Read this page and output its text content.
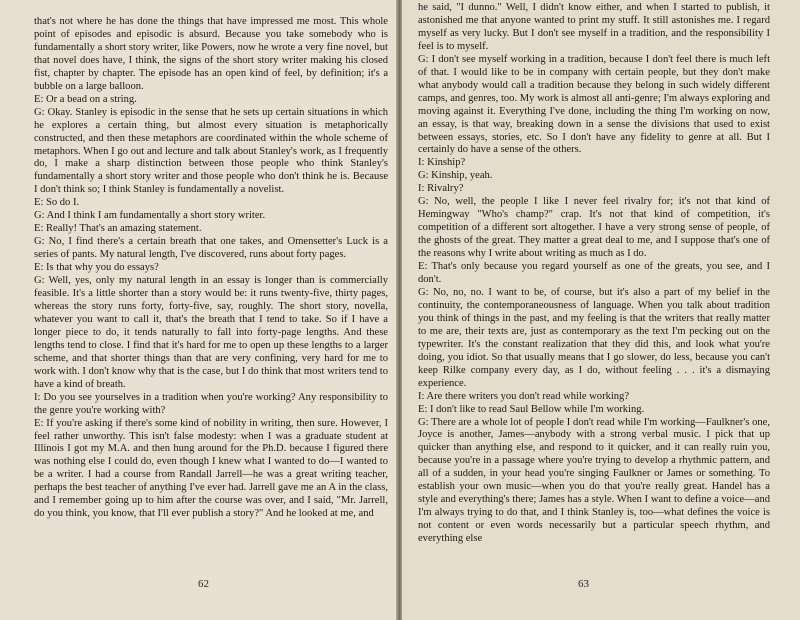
that's not where he has done the things that have impressed me most. This whole point of episodes and episodic is absurd. Because you take somebody who is fundamentally a short story writer, like Powers, now he wrote a very fine novel, but that novel does have, I think, the signs of the short story writer making his closed fist, chapter by chapter. The episode has an open kind of feel, by definition; it's a bubble on a large balloon.

E: Or a bead on a string.

G: Okay. Stanley is episodic in the sense that he sets up certain situations in which he explores a certain thing, but almost every situation is metaphorically constructed, and then these metaphors are coordinated within the whole scheme of metaphors. When I go out and lecture and talk about Stanley's work, as I frequently do, I make a sharp distinction between those people who think Stanley's fundamentally a short story writer and those people who don't think he is. Because I don't think so; I think Stanley is fundamentally a novelist.

E: So do I.

G: And I think I am fundamentally a short story writer.

E: Really! That's an amazing statement.

G: No, I find there's a certain breath that one takes, and Omensetter's Luck is a series of pants. My natural length, I've discovered, runs about forty pages.

E: Is that why you do essays?

G: Well, yes, only my natural length in an essay is longer than is commercially feasible. It's a little shorter than a story would be: it runs twenty-five, thirty pages, whereas the story runs forty, forty-five, say, roughly. The short story, novella, whatever you want to call it, that's the breath that I tend to take. So if I have a longer piece to do, it tends naturally to fall into forty-page lengths. And these lengths tend to close. I find that it's hard for me to open up these lengths to a larger scheme, and that shorter things than that are very confining, very hard for me to work with. I don't know why that is the case, but I do think that most writers tend to have a kind of breath.

I: Do you see yourselves in a tradition when you're working? Any responsibility to the genre you're working with?

E: If you're asking if there's some kind of nobility in writing, then sure. However, I feel rather unworthy. This isn't false modesty: when I was a graduate student at Illinois I got my M.A. and then hung around for the Ph.D. because I figured there was nothing else I could do, even though I knew what I wanted to do—I wanted to be a writer. I had a course from Randall Jarrell—he was a great writing teacher, perhaps the best teacher of anything I've ever had. Jarrell gave me an A in the class, and I remember going up to him after the course was over, and I said, "Mr. Jarrell, do you think, you know, that I'll ever publish a story?" And he looked at me, and

62

he said, "I dunno." Well, I didn't know either, and when I started to publish, it astonished me that anyone wanted to print my stuff. It still astonishes me. I regard myself as very lucky. But I don't see myself in a tradition, and the responsibility I feel is to myself.

G: I don't see myself working in a tradition, because I don't feel there is much left of that. I would like to be in company with certain people, but they don't make what anybody would call a tradition because they belong in such widely different camps, and genres, too. My work is almost all anti-genre; I'm always exploring and moving against it. Everything I've done, including the thing I'm working on now, an essay, is that way, breaking down in a sense the divisions that used to exist between essays, stories, etc. So I don't have any fidelity to genre at all. But I certainly do have a sense of the others.

I: Kinship?

G: Kinship, yeah.

I: Rivalry?

G: No, well, the people I like I never feel rivalry for; it's not that kind of Hemingway "Who's champ?" crap. It's not that kind of competition, it's competition of a different sort altogether. I have a very strong sense of people, of the ghosts of the great. They matter a great deal to me, and I suppose that's one of the reasons why I write about writing as much as I do.

E: That's only because you regard yourself as one of the greats, you see, and I don't.

G: No, no, no. I want to be, of course, but it's also a part of my belief in the continuity, the contemporaneousness of language. When you talk about tradition you think of things in the past, and my feeling is that the writers that really matter to me are, their texts are, just as contemporary as the text I'm pecking out on the typewriter. It's the constant realization that they did this, and look what you're doing, you idiot. So that usually means that I go slower, do less, because you can't keep Rilke company every day, as I do, without feeling . . . it's a dismaying experience.

I: Are there writers you don't read while working?

E: I don't like to read Saul Bellow while I'm working.

G: There are a whole lot of people I don't read while I'm working—Faulkner's one, Joyce is another, James—anybody with a strong verbal music. I pick that up quicker than anything else, and respond to it quicker, and it can really ruin you, because you're in a passage where you're trying to develop a rhythmic pattern, and all of a sudden, in your head you're singing Faulkner or James or something. To establish your own music—when you do that you're really great. Handel has a style and everything's there; James has a style. When I want to define a voice—and I'm always trying to do that, and I think Stanley is, too—what defines the voice is not content or even words necessarily but a particular speech rhythm, and everything else

63
